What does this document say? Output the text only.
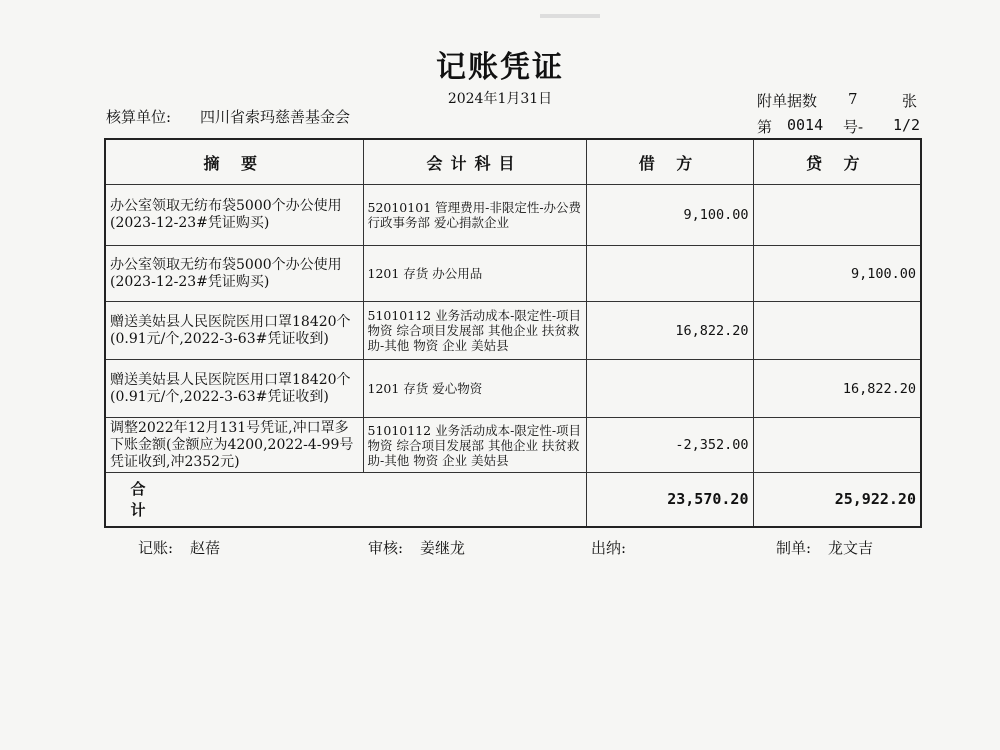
记账凭证
2024年1月31日
核算单位: 四川省索玛慈善基金会
附单据数 7	张
第 0014 号- 1/2
摘 要	会计科目	借 方	贷 方
办公室领取无纺布袋5000个办公使用(2023-12-23#凭证购买)	52010101 管理费用-非限定性-办公费 行政事务部 爱心捐款企业	9,100.00	
办公室领取无纺布袋5000个办公使用(2023-12-23#凭证购买)	1201 存货 办公用品		9,100.00
赠送美姑县人民医院医用口罩18420个(0.91元/个,2022-3-63#凭证收到)	51010112 业务活动成本-限定性-项目物资 综合项目发展部 其他企业 扶贫救助-其他 物资 企业 美姑县	16,822.20	
赠送美姑县人民医院医用口罩18420个(0.91元/个,2022-3-63#凭证收到)	1201 存货 爱心物资		16,822.20
调整2022年12月131号凭证,冲口罩多下账金额(金额应为4200,2022-4-99号凭证收到,冲2352元)	51010112 业务活动成本-限定性-项目物资 综合项目发展部 其他企业 扶贫救助-其他 物资 企业 美姑县	-2,352.00	

合 计		23,570.20	25,922.20
记账: 赵蓓	审核: 姜继龙	出纳:	制单: 龙文吉
